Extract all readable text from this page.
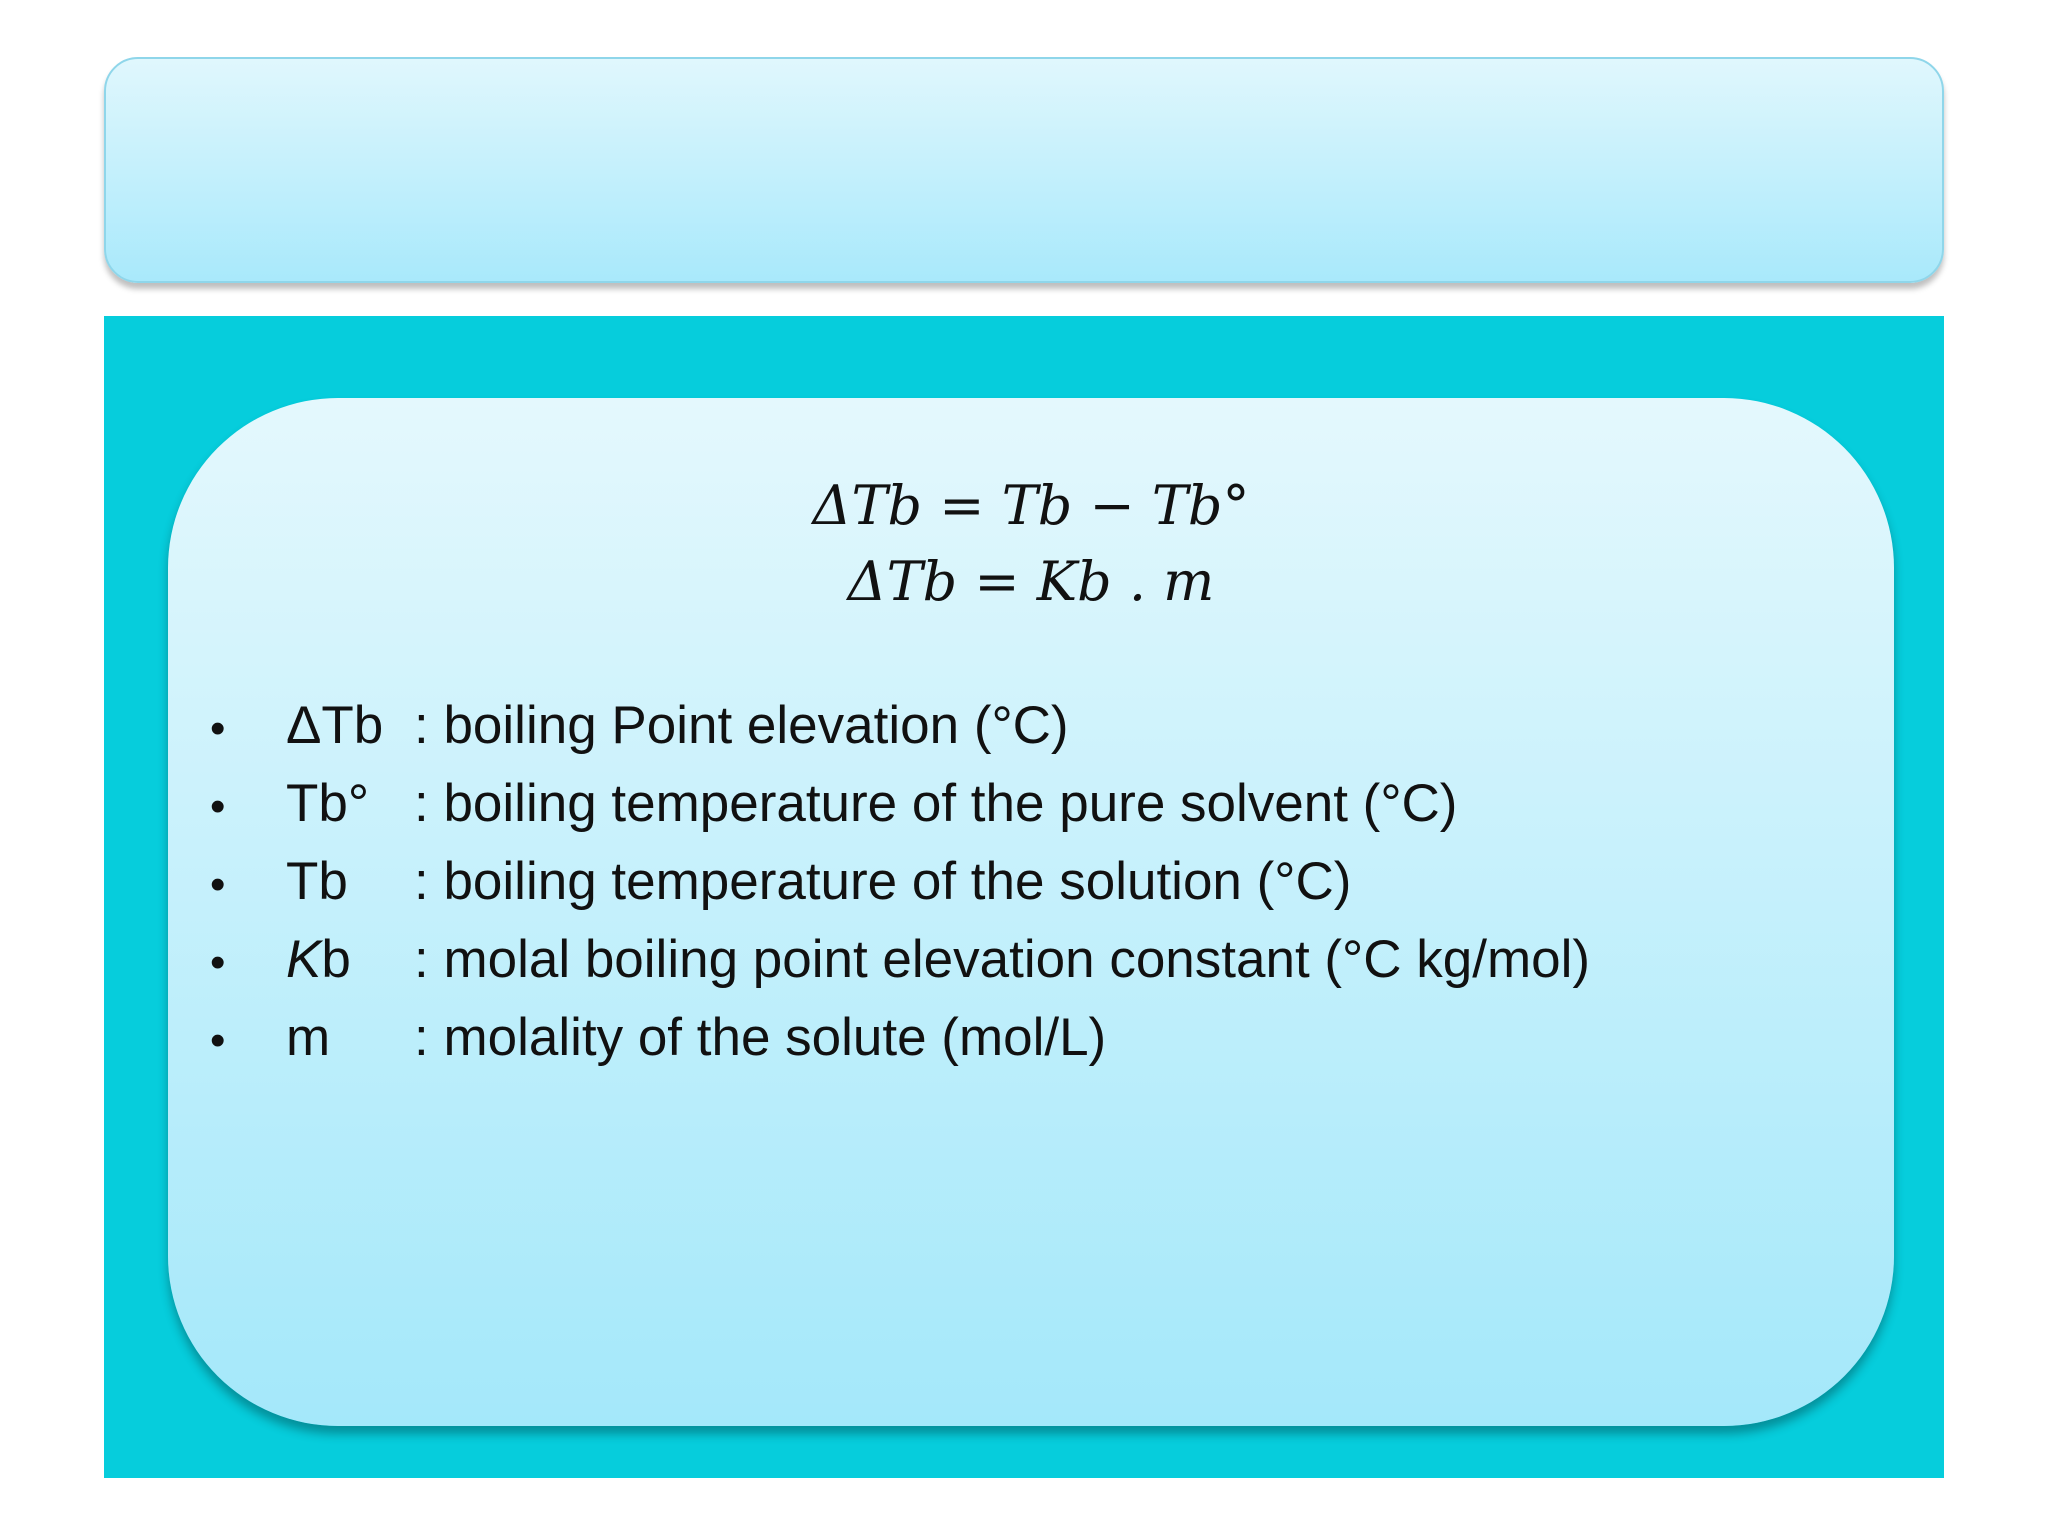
ΔTb = Tb − Tb°
ΔTb = Kb . m
•	ΔTb : boiling Point elevation (°C)
•	Tb° : boiling temperature of the pure solvent (°C)
•	Tb	: boiling temperature of the solution (°C)
•	Kb	: molal boiling point elevation constant (°C kg/mol)
•	m	: molality of the solute (mol/L)
